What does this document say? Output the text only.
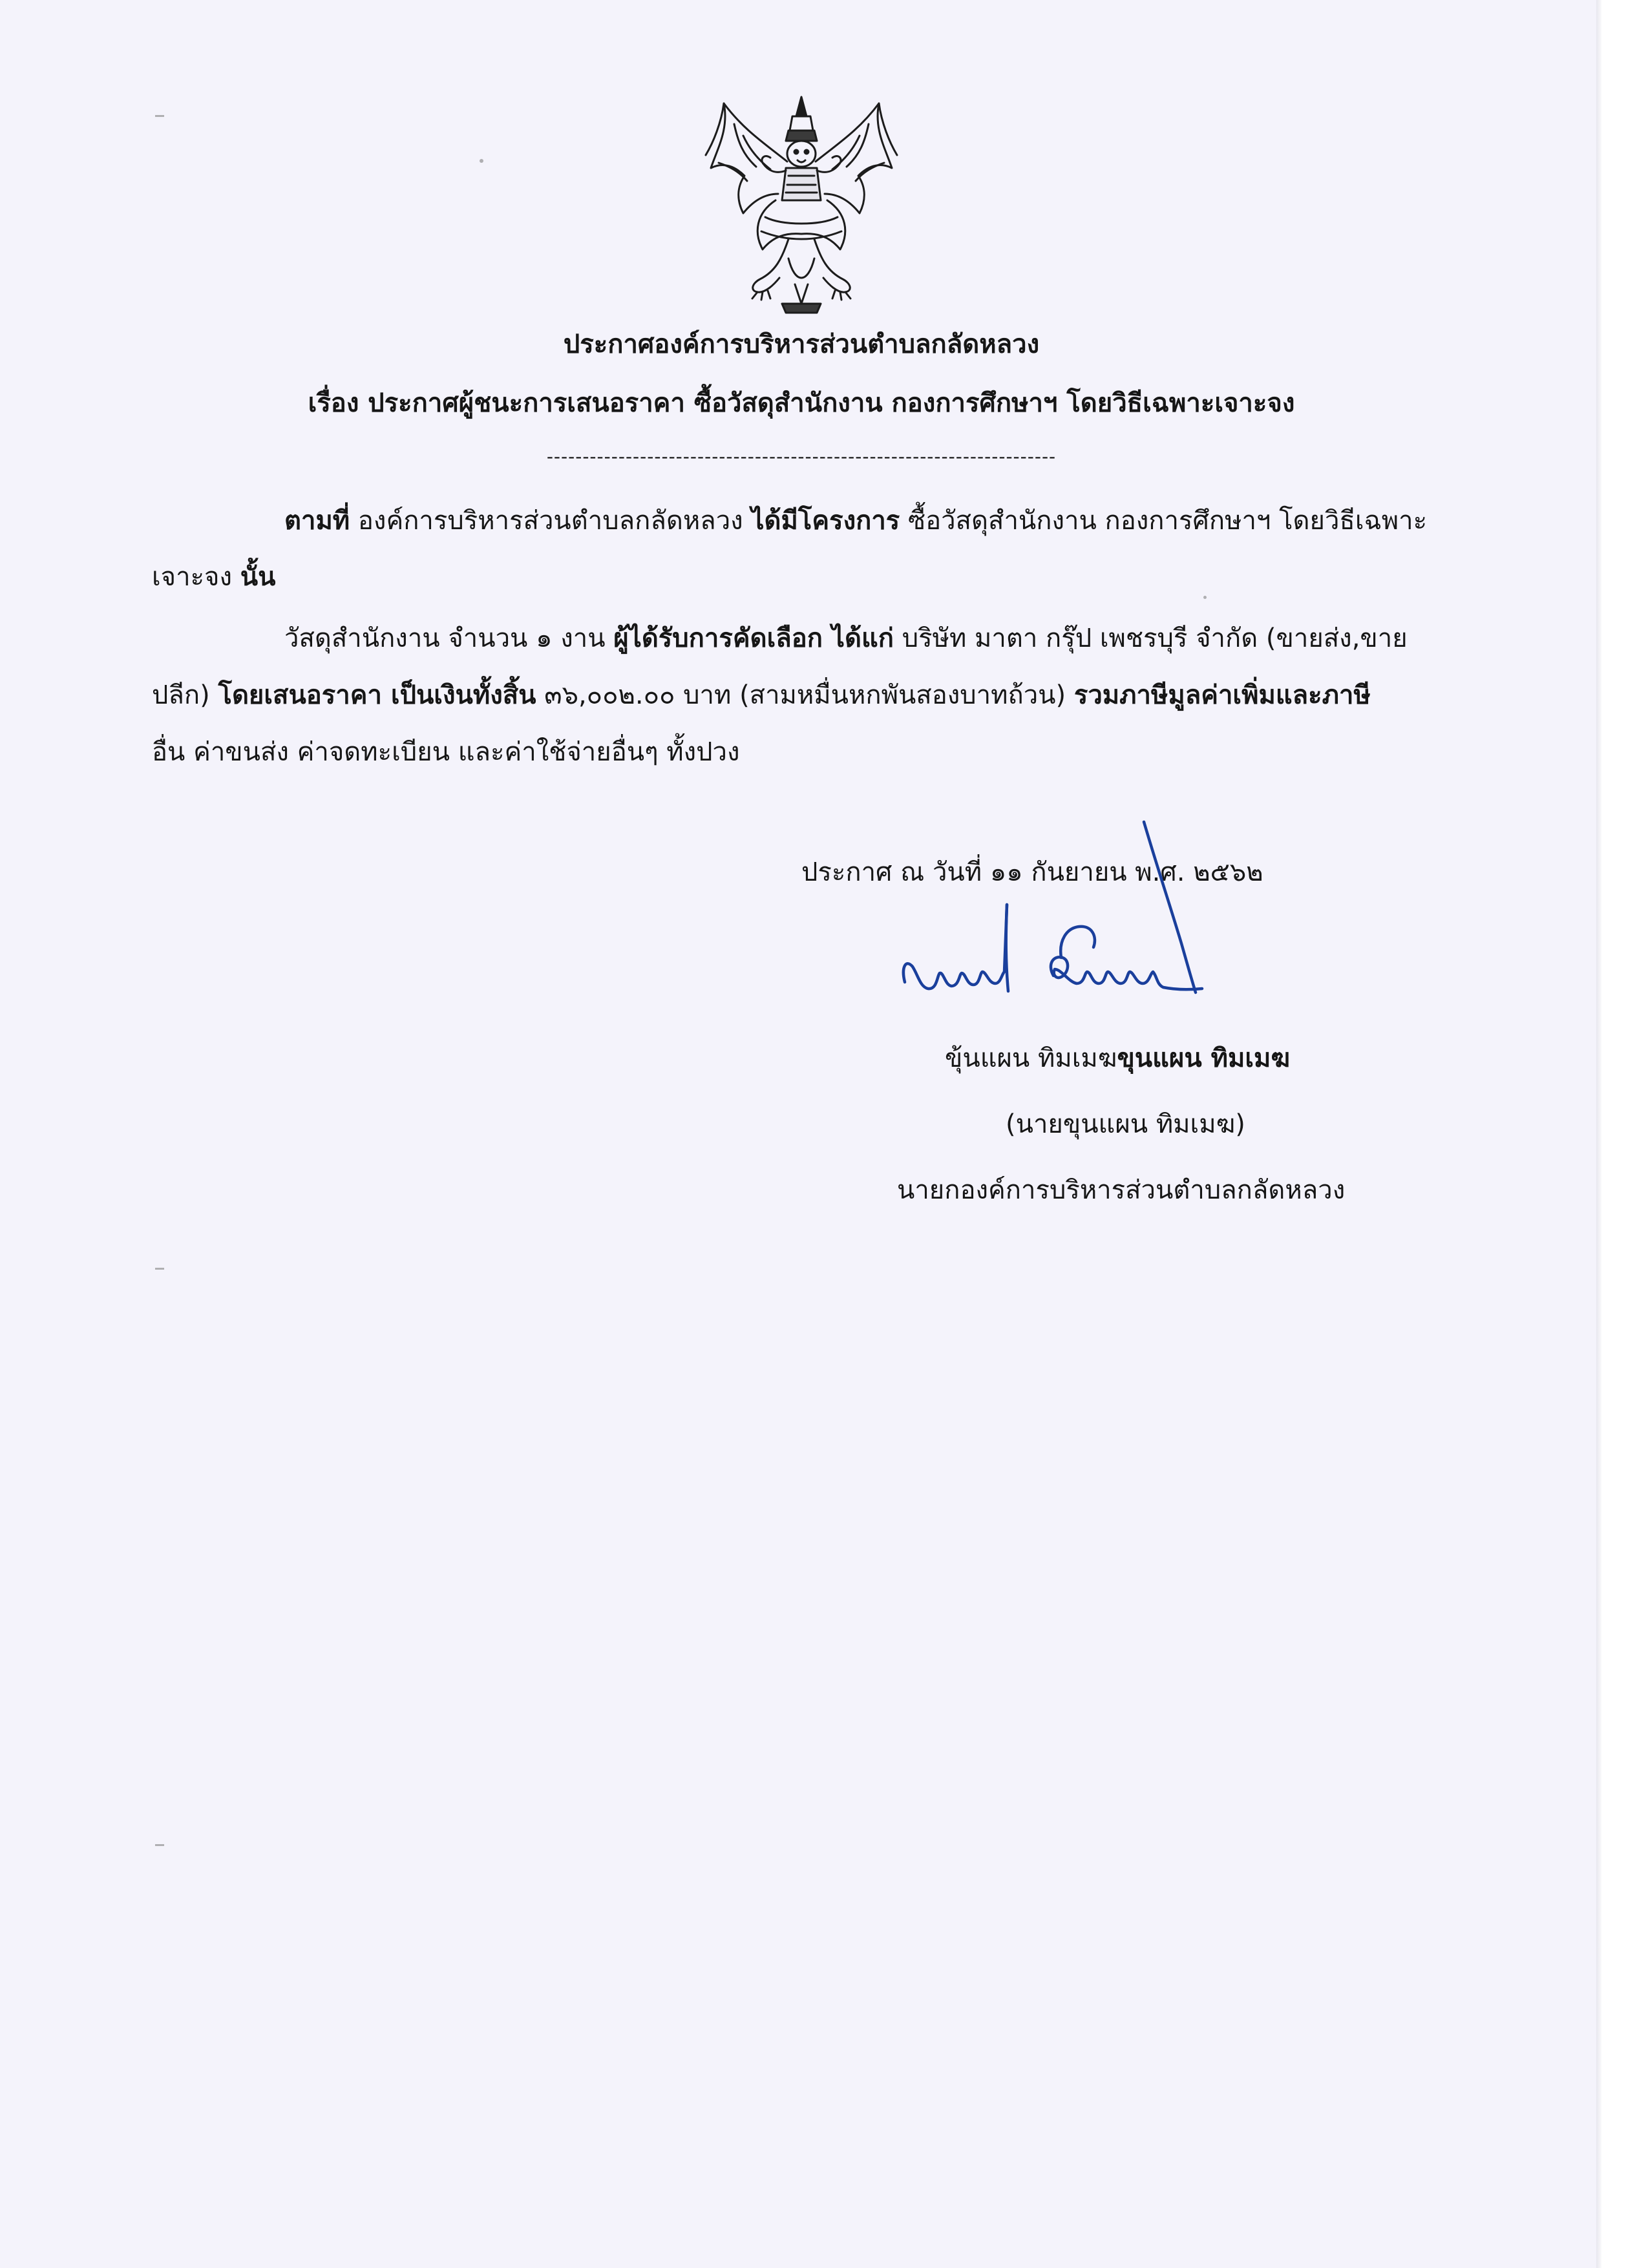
ประกาศองค์การบริหารส่วนตำบลกลัดหลวง
เรื่อง ประกาศผู้ชนะการเสนอราคา ซื้อวัสดุสำนักงาน กองการศึกษาฯ โดยวิธีเฉพาะเจาะจง
-----------------------------------------------------------------------
ตามที่ องค์การบริหารส่วนตำบลกลัดหลวง ได้มีโครงการ ซื้อวัสดุสำนักงาน กองการศึกษาฯ โดยวิธีเฉพาะ
เจาะจง นั้น
วัสดุสำนักงาน จำนวน ๑ งาน ผู้ได้รับการคัดเลือก ได้แก่ บริษัท มาตา กรุ๊ป เพชรบุรี จำกัด (ขายส่ง,ขาย
ปลีก) โดยเสนอราคา เป็นเงินทั้งสิ้น ๓๖,๐๐๒.๐๐ บาท (สามหมื่นหกพันสองบาทถ้วน) รวมภาษีมูลค่าเพิ่มและภาษี
อื่น ค่าขนส่ง ค่าจดทะเบียน และค่าใช้จ่ายอื่นๆ ทั้งปวง
ประกาศ ณ วันที่ ๑๑ กันยายน พ.ศ. ๒๕๖๒
ขุ้นแผน ทิมเมฆขุนแผน ทิมเมฆ
(นายขุนแผน ทิมเมฆ)
นายกองค์การบริหารส่วนตำบลกลัดหลวง
